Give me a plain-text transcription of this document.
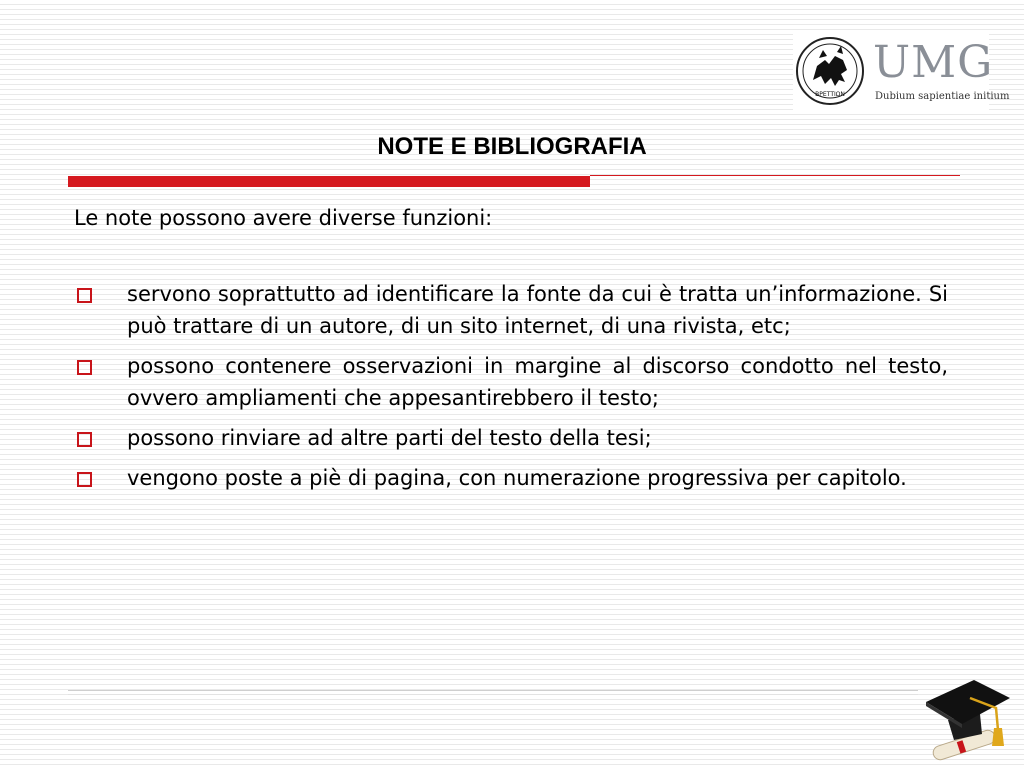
ВРЕТТІΩN
UMG
Dubium sapientiae initium
NOTE E BIBLIOGRAFIA

Le note possono avere diverse funzioni:

servono soprattutto ad identificare la fonte da cui è tratta un’informazione. Si può trattare di un autore, di un sito internet, di una rivista, etc;
possono contenere osservazioni in margine al discorso condotto nel testo, ovvero ampliamenti che appesantirebbero il testo;
possono rinviare ad altre parti del testo della tesi;
vengono poste a piè di pagina, con numerazione progressiva per capitolo.
